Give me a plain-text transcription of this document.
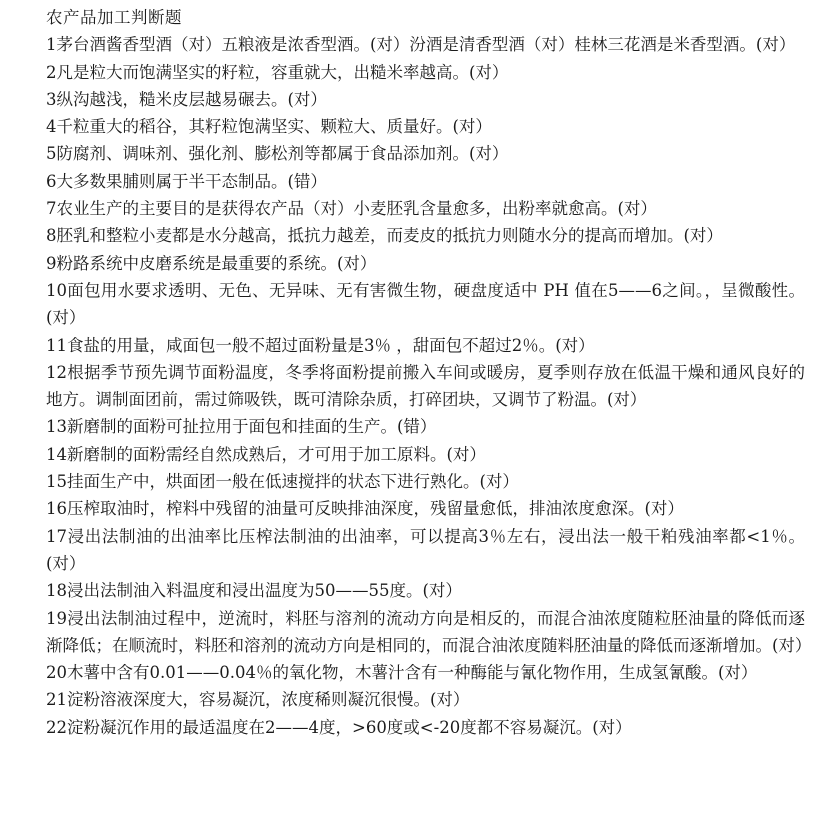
农产品加工判断题

1茅台酒酱香型酒（对）五粮液是浓香型酒。(对）汾酒是清香型酒（对）桂林三花酒是米香型酒。(对）

2凡是粒大而饱满坚实的籽粒，容重就大，出糙米率越高。(对）

3纵沟越浅，糙米皮层越易碾去。(对）

4千粒重大的稻谷，其籽粒饱满坚实、颗粒大、质量好。(对）

5防腐剂、调味剂、强化剂、膨松剂等都属于食品添加剂。(对）

6大多数果脯则属于半干态制品。(错）

7农业生产的主要目的是获得农产品（对）小麦胚乳含量愈多，出粉率就愈高。(对）

8胚乳和整粒小麦都是水分越高，抵抗力越差，而麦皮的抵抗力则随水分的提高而增加。(对）

9粉路系统中皮磨系统是最重要的系统。(对）

10面包用水要求透明、无色、无异味、无有害微生物，硬盘度适中 PH 值在5——6之间。，呈微酸性。(对）

11食盐的用量，咸面包一般不超过面粉量是3％ ，甜面包不超过2％。(对）

12根据季节预先调节面粉温度，冬季将面粉提前搬入车间或暖房，夏季则存放在低温干燥和通风良好的地方。调制面团前，需过筛吸铁，既可清除杂质，打碎团块，又调节了粉温。(对）

13新磨制的面粉可扯拉用于面包和挂面的生产。(错）

14新磨制的面粉需经自然成熟后，才可用于加工原料。(对）

15挂面生产中，烘面团一般在低速搅拌的状态下进行熟化。(对）

16压榨取油时，榨料中残留的油量可反映排油深度，残留量愈低，排油浓度愈深。(对）

17浸出法制油的出油率比压榨法制油的出油率，可以提高3％左右，浸出法一般干粕残油率都<1％。(对）

18浸出法制油入料温度和浸出温度为50——55度。(对）

19浸出法制油过程中，逆流时，料胚与溶剂的流动方向是相反的，而混合油浓度随粒胚油量的降低而逐渐降低；在顺流时，料胚和溶剂的流动方向是相同的，而混合油浓度随料胚油量的降低而逐渐增加。(对）

20木薯中含有0.01——0.04％的氧化物，木薯汁含有一种酶能与氰化物作用，生成氢氰酸。(对）

21淀粉溶液深度大，容易凝沉，浓度稀则凝沉很慢。(对）

22淀粉凝沉作用的最适温度在2——4度，>60度或<-20度都不容易凝沉。(对）
